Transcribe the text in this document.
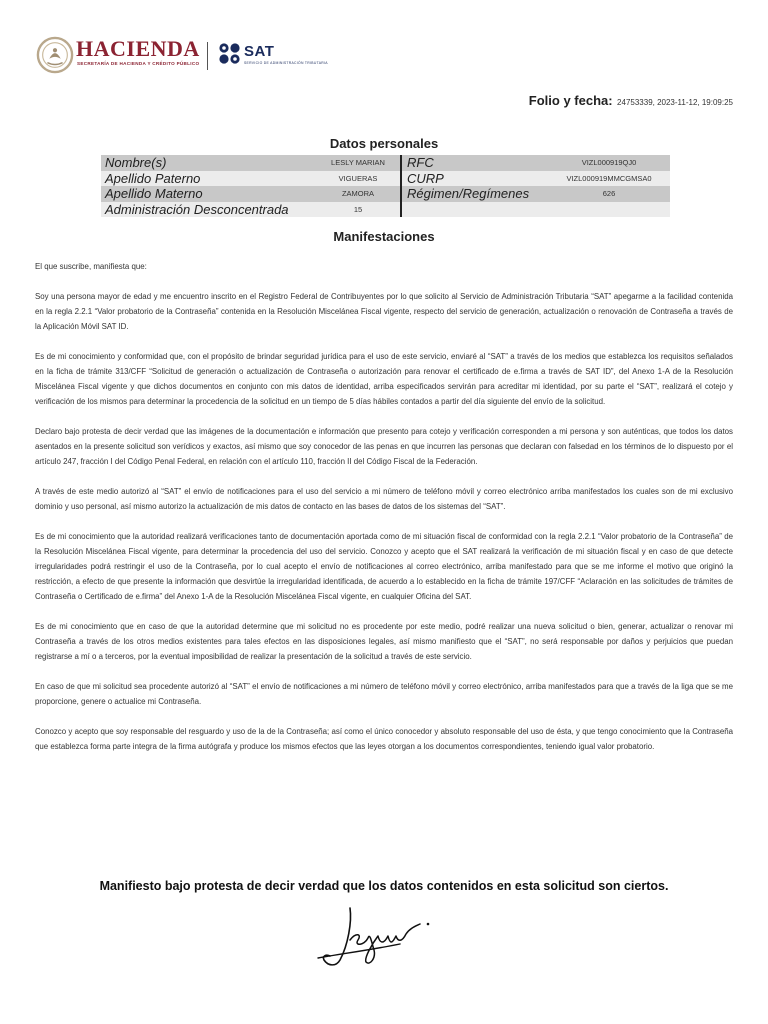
HACIENDA
SECRETARÍA DE HACIENDA Y CRÉDITO PÚBLICO
SAT
SERVICIO DE ADMINISTRACIÓN TRIBUTARIA
Folio y fecha: 24753339, 2023-11-12, 19:09:25
Datos personales
Nombre(s)	LESLY MARIAN	RFC	VIZL000919QJ0
Apellido Paterno	VIGUERAS	CURP	VIZL000919MMCGMSA0
Apellido Materno	ZAMORA	Régimen/Regímenes	626
Administración Desconcentrada	15
Manifestaciones

El que suscribe, manifiesta que:

Soy una persona mayor de edad y me encuentro inscrito en el Registro Federal de Contribuyentes por lo que solicito al Servicio de Administración Tributaria “SAT” apegarme a la facilidad contenida en la regla 2.2.1 “Valor probatorio de la Contraseña” contenida en la Resolución Miscelánea Fiscal vigente, respecto del servicio de generación, actualización o renovación de Contraseña a través de la Aplicación Móvil SAT ID.

Es de mi conocimiento y conformidad que, con el propósito de brindar seguridad jurídica para el uso de este servicio, enviaré al “SAT” a través de los medios que establezca los requisitos señalados en la ficha de trámite 313/CFF “Solicitud de generación o actualización de Contraseña o autorización para renovar el certificado de e.firma a través de SAT ID”, del Anexo 1-A de la Resolución Miscelánea Fiscal vigente y que dichos documentos en conjunto con mis datos de identidad, arriba especificados servirán para acreditar mi identidad, por su parte el “SAT”, realizará el cotejo y verificación de los mismos para determinar la procedencia de la solicitud en un tiempo de 5 días hábiles contados a partir del día siguiente del envío de la solicitud.

Declaro bajo protesta de decir verdad que las imágenes de la documentación e información que presento para cotejo y verificación corresponden a mi persona y son auténticas, que todos los datos asentados en la presente solicitud son verídicos y exactos, así mismo que soy conocedor de las penas en que incurren las personas que declaran con falsedad en los términos de lo dispuesto por el artículo 247, fracción I del Código Penal Federal, en relación con el artículo 110, fracción II del Código Fiscal de la Federación.

A través de este medio autorizó al “SAT” el envío de notificaciones para el uso del servicio a mi número de teléfono móvil y correo electrónico arriba manifestados los cuales son de mi exclusivo dominio y uso personal, así mismo autorizo la actualización de mis datos de contacto en las bases de datos de los sistemas del “SAT”.

Es de mi conocimiento que la autoridad realizará verificaciones tanto de documentación aportada como de mi situación fiscal de conformidad con la regla 2.2.1 “Valor probatorio de la Contraseña” de la Resolución Miscelánea Fiscal vigente, para determinar la procedencia del uso del servicio. Conozco y acepto que el SAT realizará la verificación de mi situación fiscal y en caso de que detecte irregularidades podrá restringir el uso de la Contraseña, por lo cual acepto el envío de notificaciones al correo electrónico, arriba manifestado para que se me informe el motivo que originó la restricción, a efecto de que presente la información que desvirtúe la irregularidad identificada, de acuerdo a lo establecido en la ficha de trámite 197/CFF “Aclaración en las solicitudes de trámites de Contraseña o Certificado de e.firma” del Anexo 1-A de la Resolución Miscelánea Fiscal vigente, en cualquier Oficina del SAT.

Es de mi conocimiento que en caso de que la autoridad determine que mi solicitud no es procedente por este medio, podré realizar una nueva solicitud o bien, generar, actualizar o renovar mi Contraseña a través de los otros medios existentes para tales efectos en las disposiciones legales, así mismo manifiesto que el “SAT”, no será responsable por daños y perjuicios que puedan registrarse a mí o a terceros, por la eventual imposibilidad de realizar la presentación de la solicitud a través de este servicio.

En caso de que mi solicitud sea procedente autorizó al “SAT” el envío de notificaciones a mi número de teléfono móvil y correo electrónico, arriba manifestados para que a través de la liga que se me proporcione, genere o actualice mi Contraseña.

Conozco y acepto que soy responsable del resguardo y uso de la de la Contraseña; así como el único conocedor y absoluto responsable del uso de ésta, y que tengo conocimiento que la Contraseña que establezca forma parte integra de la firma autógrafa y produce los mismos efectos que las leyes otorgan a los documentos correspondientes, teniendo igual valor probatorio.

Manifiesto bajo protesta de decir verdad que los datos contenidos en esta solicitud son ciertos.
